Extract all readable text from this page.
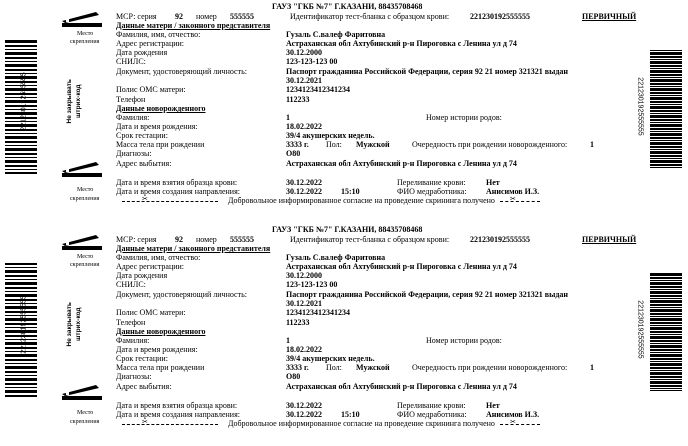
Место
скрепления
Место
скрепления
221230192555555	Не закрывать штрих-код	221230192555555
ГАУЗ "ГКБ №7" Г.КАЗАНИ, 88435708468
МСР: серия 92 номер 555555	Идентификатор тест-бланка с образцом крови:	221230192555555	ПЕРВИЧНЫЙ
Данные матери / законного представителя
Фамилия, имя, отчество:	Гузаль С.валеф Фаритовна
Адрес регистрации:	Астраханская обл Ахтубинский р-н Пироговка с Ленина ул д 74
Дата рождения	30.12.2000
СНИЛС:	123-123-123 00
Документ, удостоверяющий личность:	Паспорт гражданина Российской Федерации, серия 92 21 номер 321321 выдан
30.12.2021
Полис ОМС матери:	1234123412341234
Телефон	112233
Данные новорожденного
Фамилия:	1	Номер истории родов:
Дата и время рождения:	18.02.2022
Срок гестации:	39/4 акушерских недель.
Масса тела при рождении	3333 г. Пол: Мужской	Очередность при рождении новорожденного:	1
Диагнозы:	О80
Адрес выбытия:	Астраханская обл Ахтубинский р-н Пироговка с Ленина ул д 74
Дата и время взятия образца крови:	30.12.2022	Переливание крови:	Нет
Дата и время создания направления:	30.12.2022 15:10	ФИО медработника: Анисимов И.З.
✂	Добровольное информированное согласие на проведение скрининга получено ✂
Место
скрепления
Место
скрепления
221230192555555	Не закрывать штрих-код	221230192555555
ГАУЗ "ГКБ №7" Г.КАЗАНИ, 88435708468
МСР: серия 92 номер 555555	Идентификатор тест-бланка с образцом крови:	221230192555555	ПЕРВИЧНЫЙ
Данные матери / законного представителя
Фамилия, имя, отчество:	Гузаль С.валеф Фаритовна
Адрес регистрации:	Астраханская обл Ахтубинский р-н Пироговка с Ленина ул д 74
Дата рождения	30.12.2000
СНИЛС:	123-123-123 00
Документ, удостоверяющий личность:	Паспорт гражданина Российской Федерации, серия 92 21 номер 321321 выдан
30.12.2021
Полис ОМС матери:	1234123412341234
Телефон	112233
Данные новорожденного
Фамилия:	1	Номер истории родов:
Дата и время рождения:	18.02.2022
Срок гестации:	39/4 акушерских недель.
Масса тела при рождении	3333 г. Пол: Мужской	Очередность при рождении новорожденного:	1
Диагнозы:	О80
Адрес выбытия:	Астраханская обл Ахтубинский р-н Пироговка с Ленина ул д 74
Дата и время взятия образца крови:	30.12.2022	Переливание крови:	Нет
Дата и время создания направления:	30.12.2022 15:10	ФИО медработника: Анисимов И.З.
✂	Добровольное информированное согласие на проведение скрининга получено ✂
